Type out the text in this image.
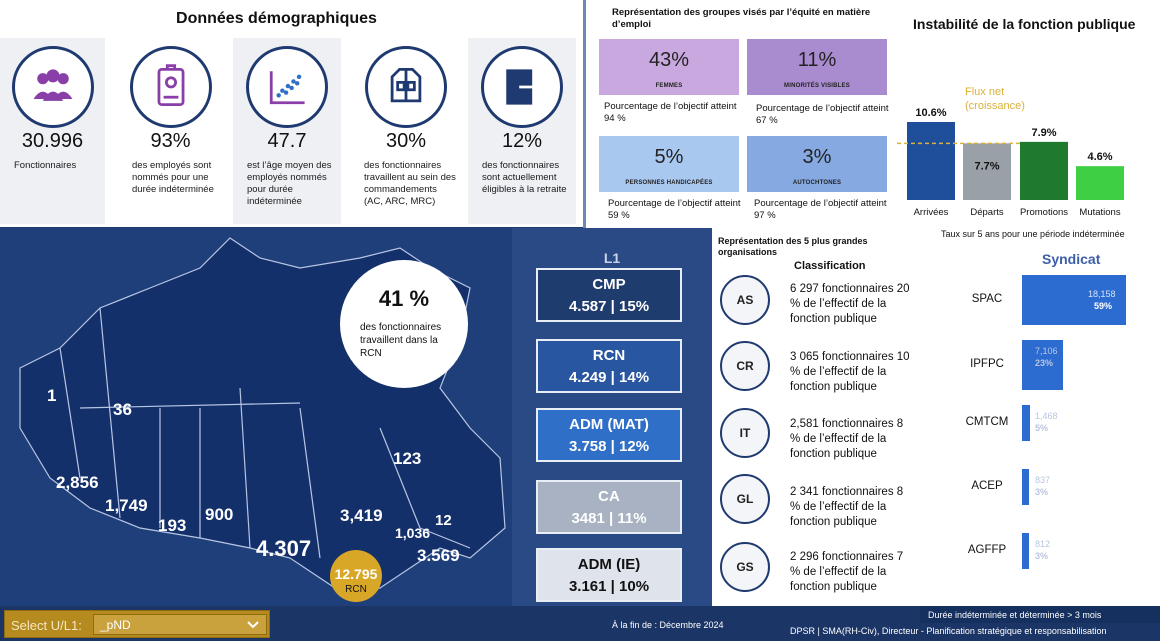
Données démographiques
30.996
Fonctionnaires
93%
des employés sont nommés pour une durée indéterminée
47.7
est l’âge moyen des employés nommés pour durée indéterminée
30%
des fonctionnaires travaillent au sein des commandements (AC, ARC, MRC)
12%
des fonctionnaires sont actuellement éligibles à la retraite
Représentation des groupes visés par l’équité en matière d’emploi
43%
FEMMES
Pourcentage de l’objectif atteint 94 %
11%
MINORITÉS VISIBLES
Pourcentage de l’objectif atteint 67 %
5%
PERSONNES HANDICAPÉES
Pourcentage de l’objectif atteint 59 %
3%
AUTOCHTONES
Pourcentage de l’objectif atteint 97 %
10.6%
Arrivées
7.7%
Départs
7.9%
Promotions
4.6%
Mutations
Flux net
(croissance)
Instabilité de la fonction publique
Taux sur 5 ans pour une période indéterminée
1
36
2,856
1,749
193
900
4.307
3,419
123
1,036
12
3.569
41 %
des fonctionnaires travaillent dans la RCN
12.795
RCN
L1
CMP
4.587 | 15%
RCN
4.249 | 14%
ADM (MAT)
3.758 | 12%
CA
3481 | 11%
ADM (IE)
3.161 | 10%
Représentation des 5 plus grandes organisations
Classification
AS
6 297 fonctionnaires 20 % de l’effectif de la fonction publique
CR
3 065 fonctionnaires 10 % de l’effectif de la fonction publique
IT
2,581 fonctionnaires 8 % de l’effectif de la fonction publique
GL	2 341 fonctionnaires 8 % de l’effectif de la fonction publique
GS
2 296 fonctionnaires 7 % de l’effectif de la fonction publique
Syndicat
SPAC	18,158
59%
IPFPC
7,106
23%
CMTCM	1,468
5%
ACEP	837
3%
AGFFP	812
3%
Select U/L1: _pND	À la fin de : Décembre 2024
Durée indéterminée et déterminée > 3 mois
DPSR | SMA(RH-Civ), Directeur - Planification stratégique et responsabilisation
